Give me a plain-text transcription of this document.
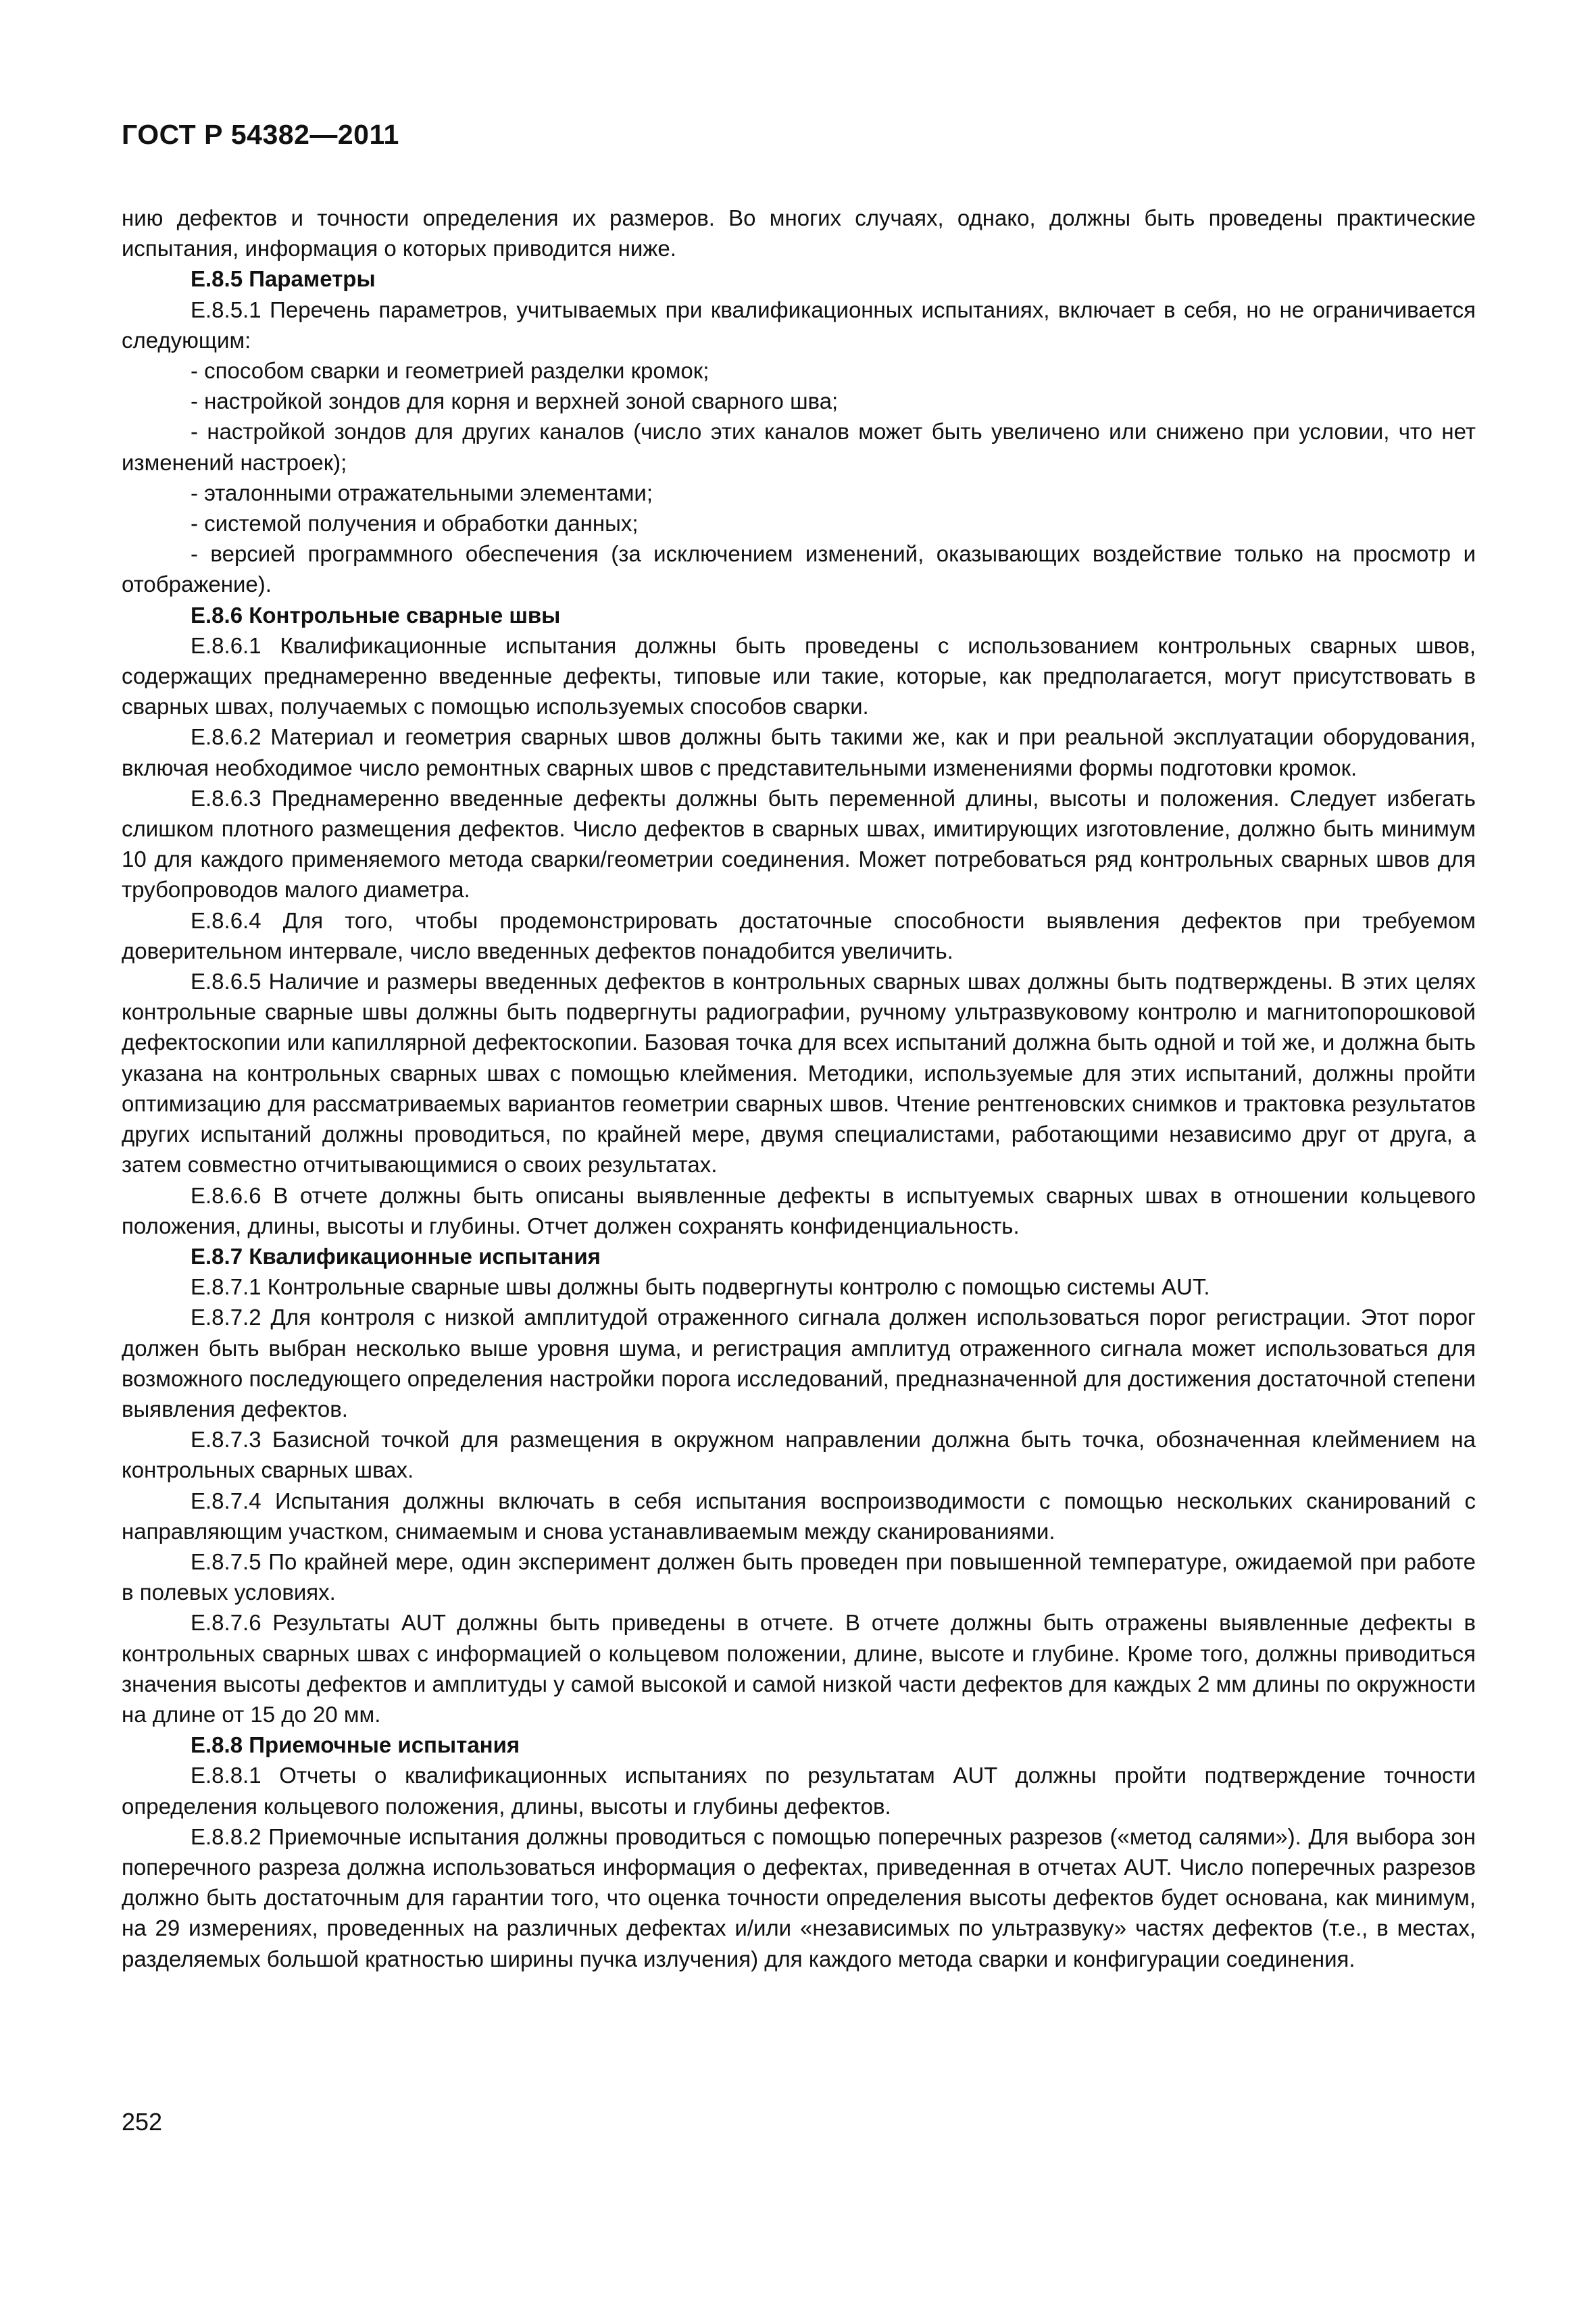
ГОСТ Р 54382—2011

нию дефектов и точности определения их размеров. Во многих случаях, однако, должны быть проведены практические испытания, информация о которых приводится ниже.

Е.8.5 Параметры

Е.8.5.1 Перечень параметров, учитываемых при квалификационных испытаниях, включает в себя, но не ограничивается следующим:

- способом сварки и геометрией разделки кромок;

- настройкой зондов для корня и верхней зоной сварного шва;

- настройкой зондов для других каналов (число этих каналов может быть увеличено или снижено при условии, что нет изменений настроек);

- эталонными отражательными элементами;

- системой получения и обработки данных;

- версией программного обеспечения (за исключением изменений, оказывающих воздействие только на просмотр и отображение).

Е.8.6 Контрольные сварные швы

Е.8.6.1 Квалификационные испытания должны быть проведены с использованием контрольных сварных швов, содержащих преднамеренно введенные дефекты, типовые или такие, которые, как предполагается, могут присутствовать в сварных швах, получаемых с помощью используемых способов сварки.

Е.8.6.2 Материал и геометрия сварных швов должны быть такими же, как и при реальной эксплуатации оборудования, включая необходимое число ремонтных сварных швов с представительными изменениями формы подготовки кромок.

Е.8.6.3 Преднамеренно введенные дефекты должны быть переменной длины, высоты и положения. Следует избегать слишком плотного размещения дефектов. Число дефектов в сварных швах, имитирующих изготовление, должно быть минимум 10 для каждого применяемого метода сварки/геометрии соединения. Может потребоваться ряд контрольных сварных швов для трубопроводов малого диаметра.

Е.8.6.4 Для того, чтобы продемонстрировать достаточные способности выявления дефектов при требуемом доверительном интервале, число введенных дефектов понадобится увеличить.

Е.8.6.5 Наличие и размеры введенных дефектов в контрольных сварных швах должны быть подтверждены. В этих целях контрольные сварные швы должны быть подвергнуты радиографии, ручному ультразвуковому контролю и магнитопорошковой дефектоскопии или капиллярной дефектоскопии. Базовая точка для всех испытаний должна быть одной и той же, и должна быть указана на контрольных сварных швах с помощью клеймения. Методики, используемые для этих испытаний, должны пройти оптимизацию для рассматриваемых вариантов геометрии сварных швов. Чтение рентгеновских снимков и трактовка результатов других испытаний должны проводиться, по крайней мере, двумя специалистами, работающими независимо друг от друга, а затем совместно отчитывающимися о своих результатах.

Е.8.6.6 В отчете должны быть описаны выявленные дефекты в испытуемых сварных швах в отношении кольцевого положения, длины, высоты и глубины. Отчет должен сохранять конфиденциальность.

Е.8.7 Квалификационные испытания

Е.8.7.1 Контрольные сварные швы должны быть подвергнуты контролю с помощью системы AUT.

Е.8.7.2 Для контроля с низкой амплитудой отраженного сигнала должен использоваться порог регистрации. Этот порог должен быть выбран несколько выше уровня шума, и регистрация амплитуд отраженного сигнала может использоваться для возможного последующего определения настройки порога исследований, предназначенной для достижения достаточной степени выявления дефектов.

Е.8.7.3 Базисной точкой для размещения в окружном направлении должна быть точка, обозначенная клеймением на контрольных сварных швах.

Е.8.7.4 Испытания должны включать в себя испытания воспроизводимости с помощью нескольких сканирований с направляющим участком, снимаемым и снова устанавливаемым между сканированиями.

Е.8.7.5 По крайней мере, один эксперимент должен быть проведен при повышенной температуре, ожидаемой при работе в полевых условиях.

Е.8.7.6 Результаты AUT должны быть приведены в отчете. В отчете должны быть отражены выявленные дефекты в контрольных сварных швах с информацией о кольцевом положении, длине, высоте и глубине. Кроме того, должны приводиться значения высоты дефектов и амплитуды у самой высокой и самой низкой части дефектов для каждых 2 мм длины по окружности на длине от 15 до 20 мм.

Е.8.8 Приемочные испытания

Е.8.8.1 Отчеты о квалификационных испытаниях по результатам AUT должны пройти подтверждение точности определения кольцевого положения, длины, высоты и глубины дефектов.

Е.8.8.2 Приемочные испытания должны проводиться с помощью поперечных разрезов («метод салями»). Для выбора зон поперечного разреза должна использоваться информация о дефектах, приведенная в отчетах AUT. Число поперечных разрезов должно быть достаточным для гарантии того, что оценка точности определения высоты дефектов будет основана, как минимум, на 29 измерениях, проведенных на различных дефектах и/или «независимых по ультразвуку» частях дефектов (т.е., в местах, разделяемых большой кратностью ширины пучка излучения) для каждого метода сварки и конфигурации соединения.

252
